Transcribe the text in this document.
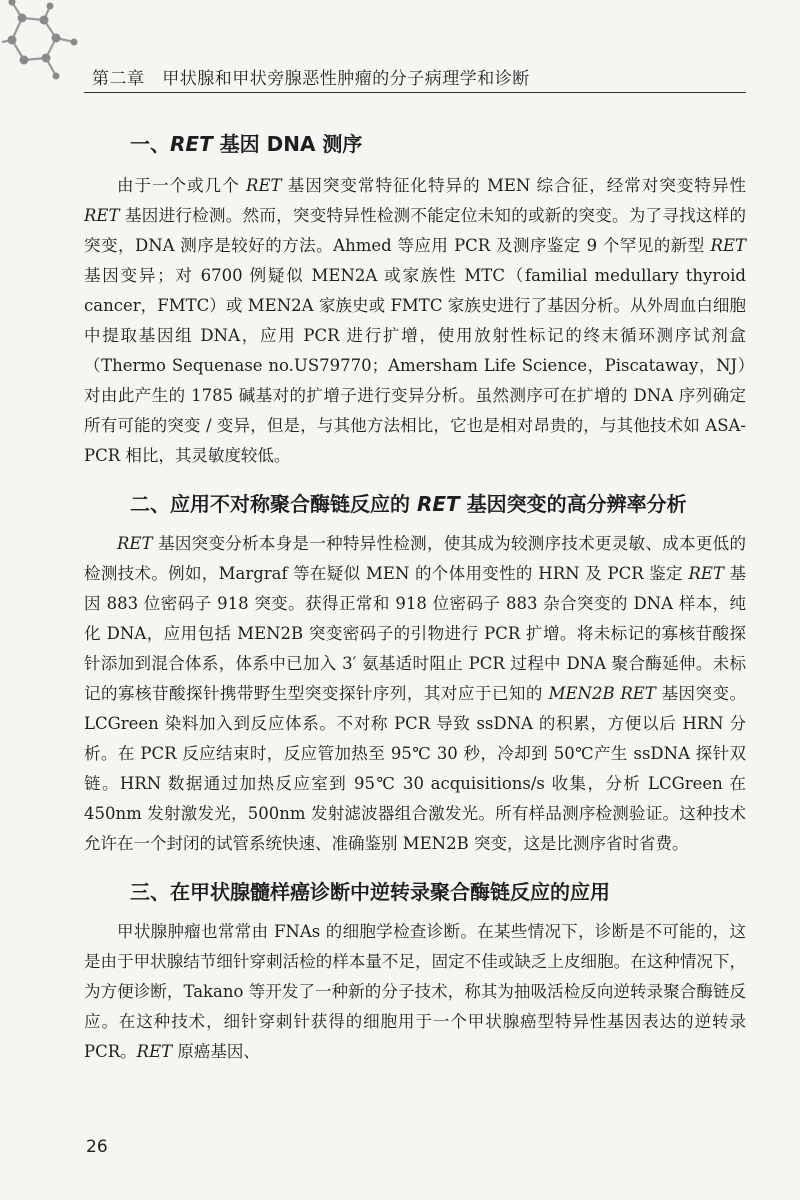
第二章 甲状腺和甲状旁腺恶性肿瘤的分子病理学和诊断
一、RET 基因 DNA 测序

由于一个或几个 RET 基因突变常特征化特异的 MEN 综合征，经常对突变特异性 RET 基因进行检测。然而，突变特异性检测不能定位未知的或新的突变。为了寻找这样的突变，DNA 测序是较好的方法。Ahmed 等应用 PCR 及测序鉴定 9 个罕见的新型 RET 基因变异；对 6700 例疑似 MEN2A 或家族性 MTC（familial medullary thyroid cancer，FMTC）或 MEN2A 家族史或 FMTC 家族史进行了基因分析。从外周血白细胞中提取基因组 DNA，应用 PCR 进行扩增，使用放射性标记的终末循环测序试剂盒（Thermo Sequenase no.US79770；Amersham Life Science，Piscataway，NJ）对由此产生的 1785 碱基对的扩增子进行变异分析。虽然测序可在扩增的 DNA 序列确定所有可能的突变 / 变异，但是，与其他方法相比，它也是相对昂贵的，与其他技术如 ASA-PCR 相比，其灵敏度较低。

二、应用不对称聚合酶链反应的 RET 基因突变的高分辨率分析

RET 基因突变分析本身是一种特异性检测，使其成为较测序技术更灵敏、成本更低的检测技术。例如，Margraf 等在疑似 MEN 的个体用变性的 HRN 及 PCR 鉴定 RET 基因 883 位密码子 918 突变。获得正常和 918 位密码子 883 杂合突变的 DNA 样本，纯化 DNA，应用包括 MEN2B 突变密码子的引物进行 PCR 扩增。将未标记的寡核苷酸探针添加到混合体系，体系中已加入 3′ 氨基适时阻止 PCR 过程中 DNA 聚合酶延伸。未标记的寡核苷酸探针携带野生型突变探针序列，其对应于已知的 MEN2B RET 基因突变。LCGreen 染料加入到反应体系。不对称 PCR 导致 ssDNA 的积累，方便以后 HRN 分析。在 PCR 反应结束时，反应管加热至 95℃ 30 秒，冷却到 50℃产生 ssDNA 探针双链。HRN 数据通过加热反应室到 95℃ 30 acquisitions/s 收集，分析 LCGreen 在 450nm 发射激发光，500nm 发射滤波器组合激发光。所有样品测序检测验证。这种技术允许在一个封闭的试管系统快速、准确鉴别 MEN2B 突变，这是比测序省时省费。

三、在甲状腺髓样癌诊断中逆转录聚合酶链反应的应用

甲状腺肿瘤也常常由 FNAs 的细胞学检查诊断。在某些情况下，诊断是不可能的，这是由于甲状腺结节细针穿刺活检的样本量不足，固定不佳或缺乏上皮细胞。在这种情况下，为方便诊断，Takano 等开发了一种新的分子技术，称其为抽吸活检反向逆转录聚合酶链反应。在这种技术，细针穿刺针获得的细胞用于一个甲状腺癌型特异性基因表达的逆转录 PCR。RET 原癌基因、

26
